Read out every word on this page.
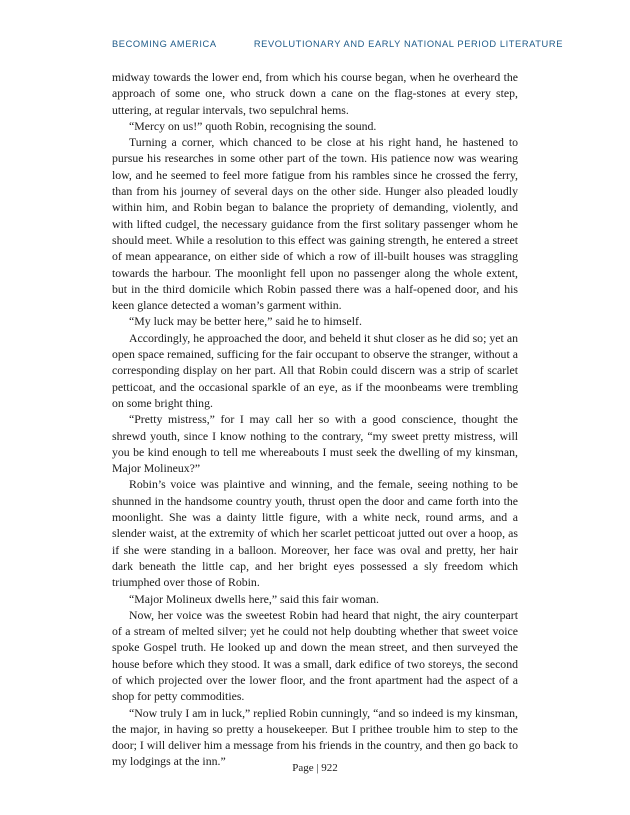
BECOMING AMERICA	REVOLUTIONARY AND EARLY NATIONAL PERIOD LITERATURE

midway towards the lower end, from which his course began, when he overheard the approach of some one, who struck down a cane on the flag-stones at every step, uttering, at regular intervals, two sepulchral hems.

“Mercy on us!” quoth Robin, recognising the sound.

Turning a corner, which chanced to be close at his right hand, he hastened to pursue his researches in some other part of the town. His patience now was wearing low, and he seemed to feel more fatigue from his rambles since he crossed the ferry, than from his journey of several days on the other side. Hunger also pleaded loudly within him, and Robin began to balance the propriety of demanding, violently, and with lifted cudgel, the necessary guidance from the first solitary passenger whom he should meet. While a resolution to this effect was gaining strength, he entered a street of mean appearance, on either side of which a row of ill-built houses was straggling towards the harbour. The moonlight fell upon no passenger along the whole extent, but in the third domicile which Robin passed there was a half-opened door, and his keen glance detected a woman’s garment within.

“My luck may be better here,” said he to himself.

Accordingly, he approached the door, and beheld it shut closer as he did so; yet an open space remained, sufficing for the fair occupant to observe the stranger, without a corresponding display on her part. All that Robin could discern was a strip of scarlet petticoat, and the occasional sparkle of an eye, as if the moonbeams were trembling on some bright thing.

“Pretty mistress,” for I may call her so with a good conscience, thought the shrewd youth, since I know nothing to the contrary, “my sweet pretty mistress, will you be kind enough to tell me whereabouts I must seek the dwelling of my kinsman, Major Molineux?”

Robin’s voice was plaintive and winning, and the female, seeing nothing to be shunned in the handsome country youth, thrust open the door and came forth into the moonlight. She was a dainty little figure, with a white neck, round arms, and a slender waist, at the extremity of which her scarlet petticoat jutted out over a hoop, as if she were standing in a balloon. Moreover, her face was oval and pretty, her hair dark beneath the little cap, and her bright eyes possessed a sly freedom which triumphed over those of Robin.

“Major Molineux dwells here,” said this fair woman.

Now, her voice was the sweetest Robin had heard that night, the airy counterpart of a stream of melted silver; yet he could not help doubting whether that sweet voice spoke Gospel truth. He looked up and down the mean street, and then surveyed the house before which they stood. It was a small, dark edifice of two storeys, the second of which projected over the lower floor, and the front apartment had the aspect of a shop for petty commodities.

“Now truly I am in luck,” replied Robin cunningly, “and so indeed is my kinsman, the major, in having so pretty a housekeeper. But I prithee trouble him to step to the door; I will deliver him a message from his friends in the country, and then go back to my lodgings at the inn.”	Page | 922
